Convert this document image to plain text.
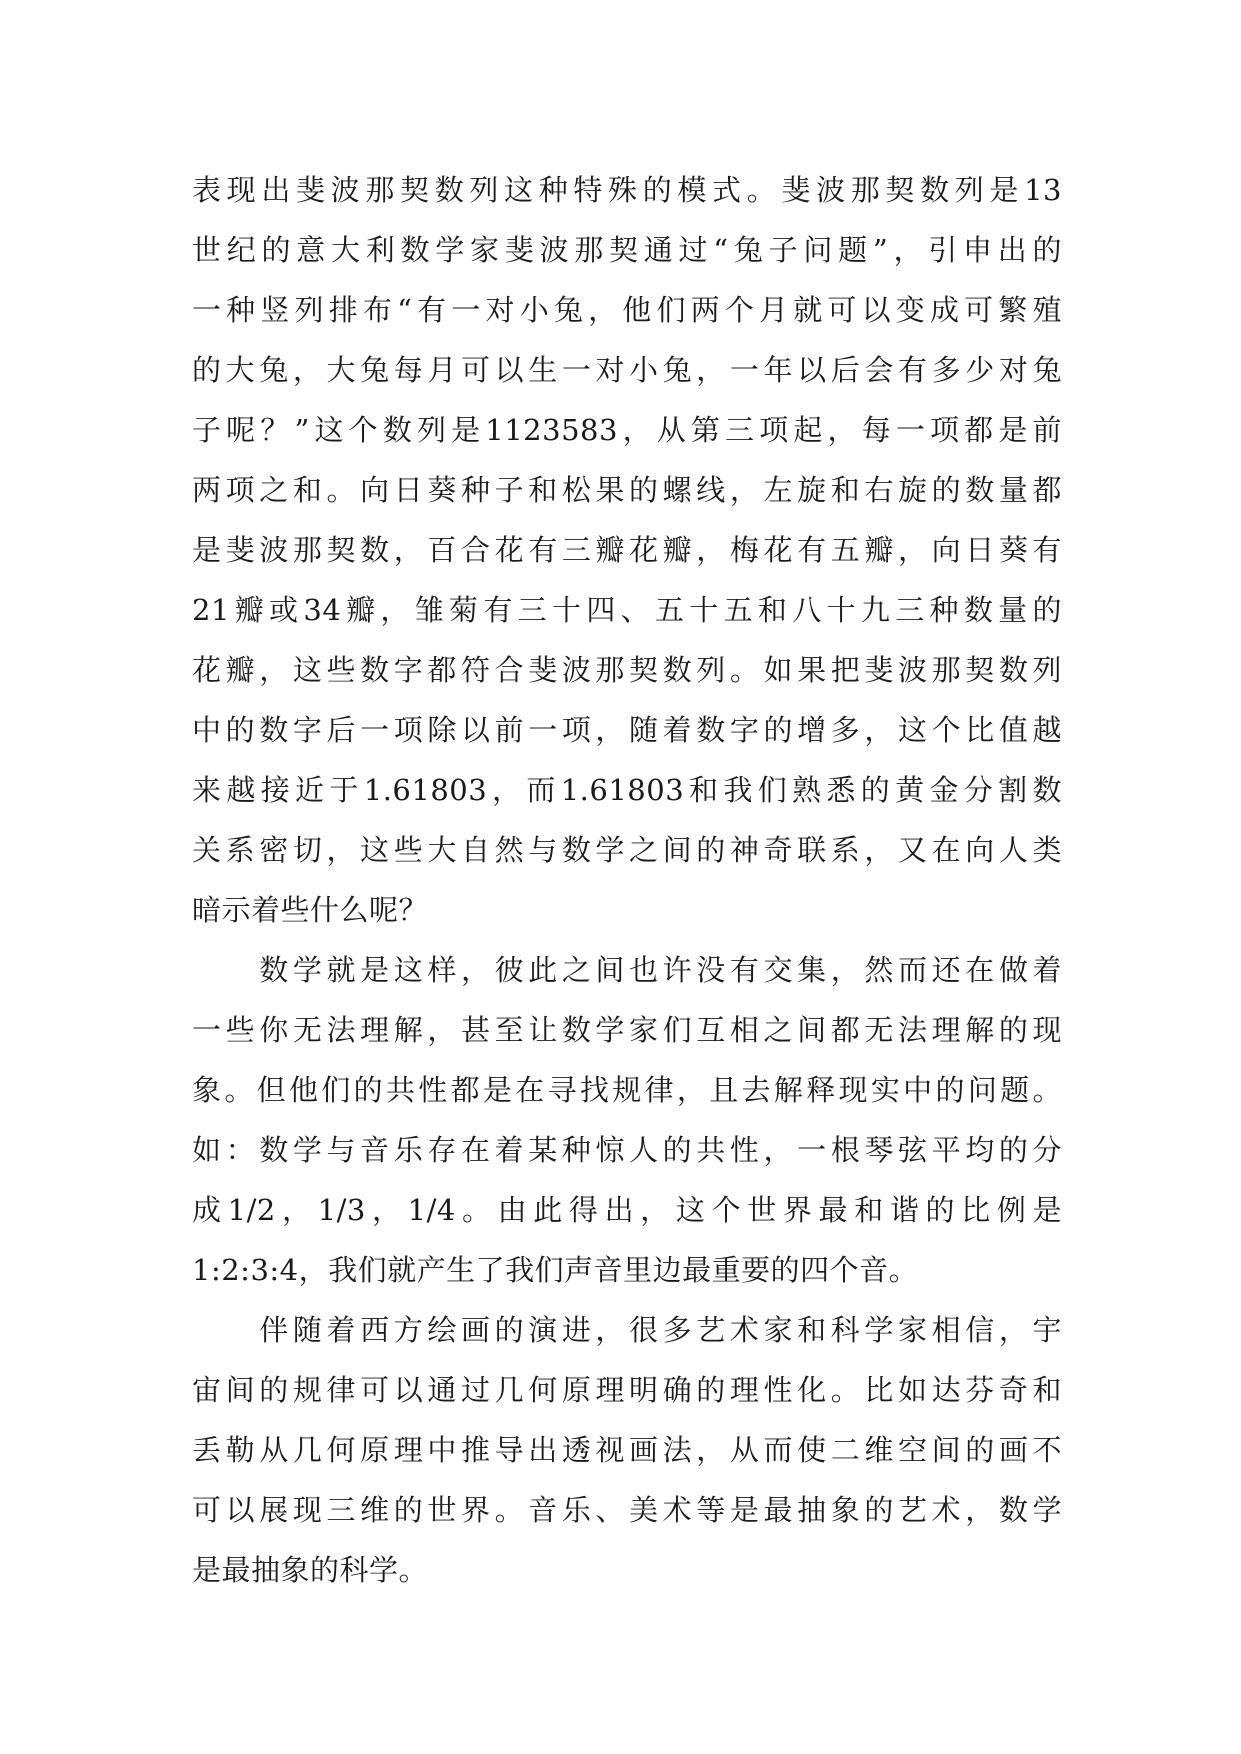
表现出斐波那契数列这种特殊的模式。斐波那契数列是13
世纪的意大利数学家斐波那契通过“兔子问题”，引申出的
一种竖列排布“有一对小兔，他们两个月就可以变成可繁殖
的大兔，大兔每月可以生一对小兔，一年以后会有多少对兔
子呢？”这个数列是1123583，从第三项起，每一项都是前
两项之和。向日葵种子和松果的螺线，左旋和右旋的数量都
是斐波那契数，百合花有三瓣花瓣，梅花有五瓣，向日葵有
21瓣或34瓣，雏菊有三十四、五十五和八十九三种数量的
花瓣，这些数字都符合斐波那契数列。如果把斐波那契数列
中的数字后一项除以前一项，随着数字的增多，这个比值越
来越接近于1.61803，而1.61803和我们熟悉的黄金分割数
关系密切，这些大自然与数学之间的神奇联系，又在向人类
暗示着些什么呢？
　　数学就是这样，彼此之间也许没有交集，然而还在做着
一些你无法理解，甚至让数学家们互相之间都无法理解的现
象。但他们的共性都是在寻找规律，且去解释现实中的问题。
如：数学与音乐存在着某种惊人的共性，一根琴弦平均的分
成1/2，1/3，1/4。由此得出，这个世界最和谐的比例是
1:2:3:4，我们就产生了我们声音里边最重要的四个音。
　　伴随着西方绘画的演进，很多艺术家和科学家相信，宇
宙间的规律可以通过几何原理明确的理性化。比如达芬奇和
丢勒从几何原理中推导出透视画法，从而使二维空间的画不
可以展现三维的世界。音乐、美术等是最抽象的艺术，数学
是最抽象的科学。
